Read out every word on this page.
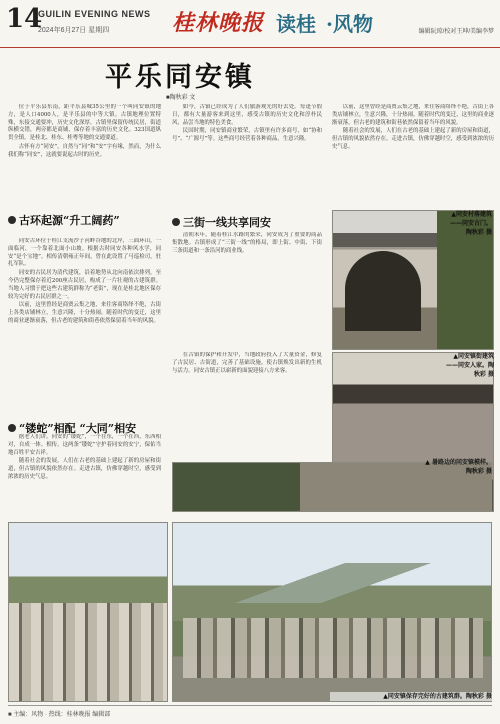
14
GUILIN EVENING NEWS
2024年6月27日 星期四	桂林晚报 读桂 ·风物	编辑阮琼/校对王坤/美编李梦
平乐同安镇
■陶秋彩 文

位于平乐县东南，距平乐县城35公里的一个叫同安镇的地方，是人口4000人，是平乐县的中等大镇。古镇地理位置特殊，东接交通要冲，历史文化深厚。古镇里保留传统民居，街道纵横交错，两旁都是商铺，保存着丰富的历史文化。323国道纵贯全镇，是桂北、桂东、桂粤等地的交通要道。

古怀有方“同安”，自然与“同”和“安”字有缘，然而，为什么我们称“同安”，这就要说起古时的历史。

古环起源“升工阔药”

同安古环位于桂江支流沙子河畔谷地的北岸，三面环山，一面临河，一个靠着北面小山坡。根据古时同安各种风水学，同安“是个宝地”。相传清朝雍正年间，曾在此设置了马巡检司，驻扎军队。

同安的古民居为清代建筑，沿着地势从北向南依次排列，至今仍完整保存着近200座古民居，构成了一片壮观的古建筑群。当地人习惯于把这些古建筑群称为“老街”，现在是桂北地区保存较为完好的古民居群之一。

以前，这里曾经是商贾云集之地，来往客商络绎不绝，古街上各类店铺林立，生意兴隆，十分热闹。随着时代的变迁，这里的商业逐渐衰落，但古老的建筑和街巷依然保留着当年的风貌。

“镂蛇”相配 “大同”相安

据老人们讲，同安的“镂蛇”，一个在东，一个在西，东西相对，自成一体。相传，这两条“镂蛇”守护着同安的安宁，保佑当地百姓平安吉祥。

随着社会的发展，人们在古老的基础上建起了新的房屋和街道，但古镇的风貌依然存在。走进古镇，仿佛穿越时空，感受到浓浓的历史气息。

如今，古镇已经成为了人们旅游观光的好去处。每逢节假日，都有大量游客来到这里，感受古镇的历史文化和淳朴民风，品尝当地的特色美食。

民国时期，同安镇商业繁荣，古镇里有许多商号，如“协和号”、“广源号”等。这些商号经营着各种商品，生意兴隆。

三街一线共享同安

清朝末年，随着桂江水路的繁荣，同安成为了重要的商品集散地。古镇形成了“三街一线”的格局，即上街、中街、下街三条街道和一条沿河的商业线。

在古镇的保护和开发中，当地政府投入了大量资金，修复了古民居、古街道，完善了基础设施，使古镇焕发出新的生机与活力。同安古镇正以崭新的面貌迎接八方来客。

以前，这里曾经是商贾云集之地，来往客商络绎不绝，古街上各类店铺林立，生意兴隆，十分热闹。随着时代的变迁，这里的商业逐渐衰落，但古老的建筑和街巷依然保留着当年的风貌。

随着社会的发展，人们在古老的基础上建起了新的房屋和街道，但古镇的风貌依然存在。走进古镇，仿佛穿越时空，感受到浓浓的历史气息。

▲同安村落建筑——同安古门。陶秋彩 摄
▲同安镇街建筑——同安人家。陶秋彩 摄
▲ 暑路边的同安镇模样。陶秋彩 摄
▲同安镇保存完好的古建筑群。陶秋彩 摄
■ 主编：风物 · 热线：桂林晚报 编辑部
